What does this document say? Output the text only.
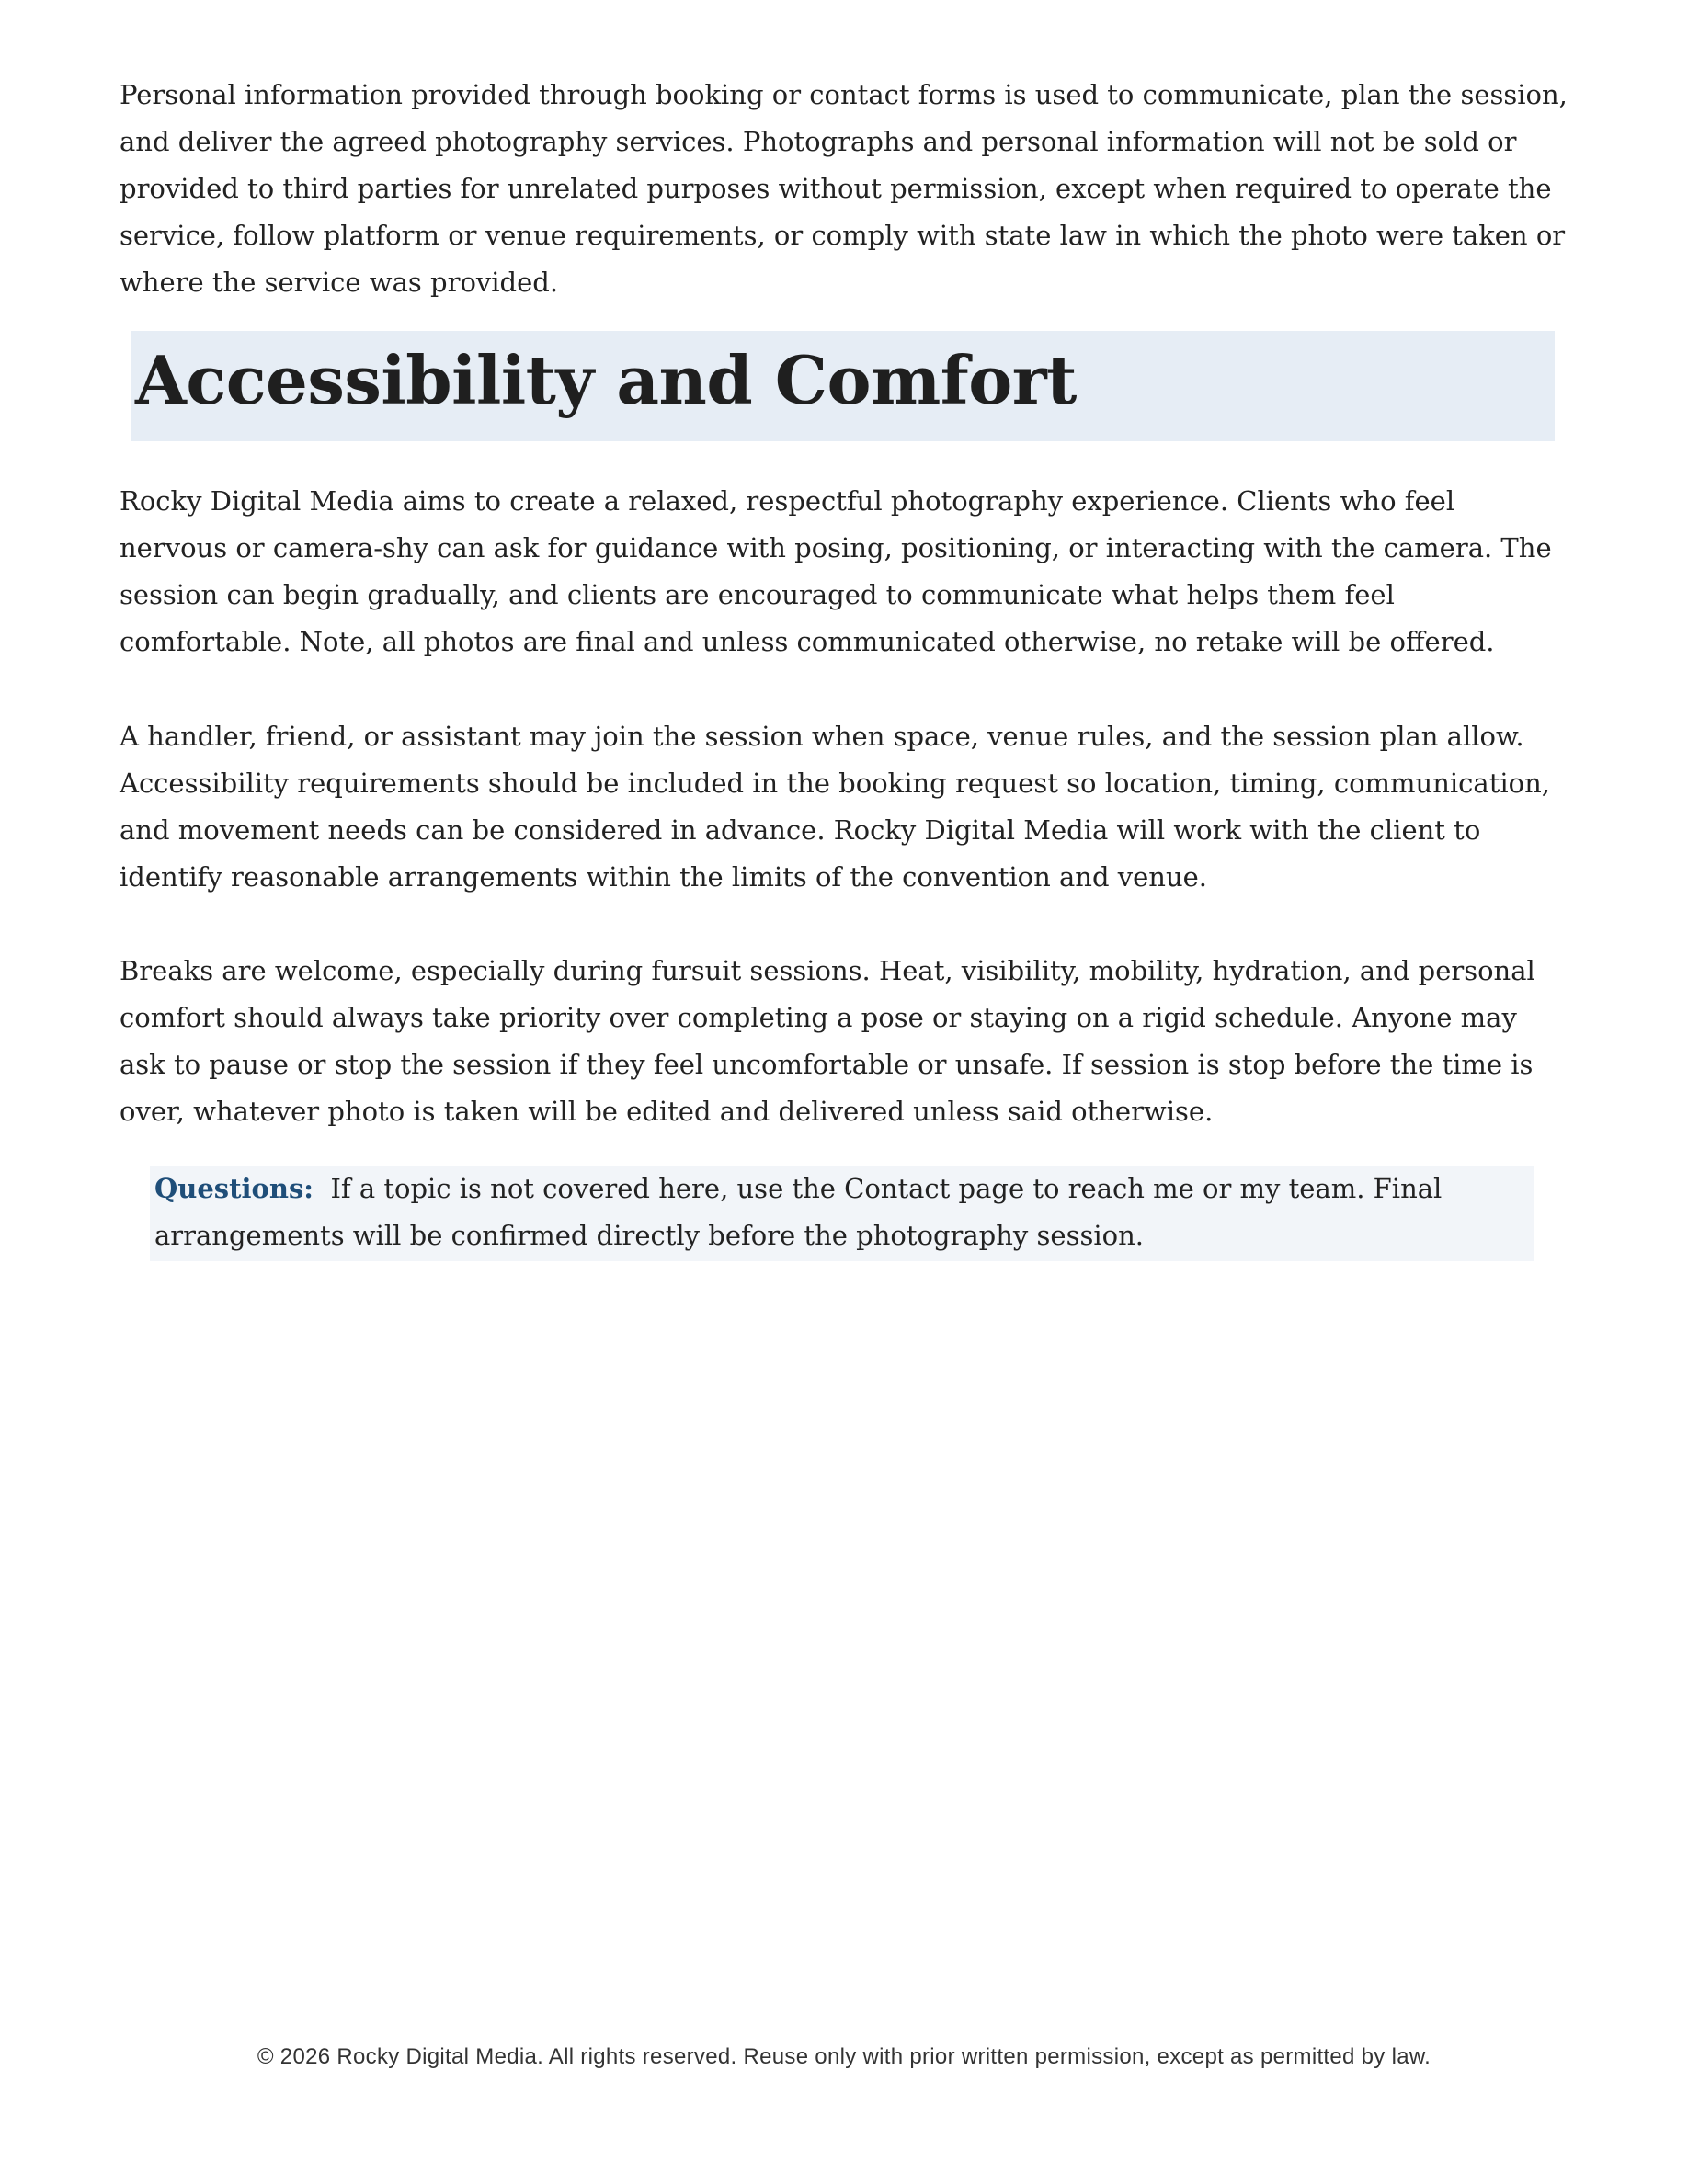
Personal information provided through booking or contact forms is used to communicate, plan the session, and deliver the agreed photography services. Photographs and personal information will not be sold or provided to third parties for unrelated purposes without permission, except when required to operate the service, follow platform or venue requirements, or comply with state law in which the photo were taken or where the service was provided.

Accessibility and Comfort

Rocky Digital Media aims to create a relaxed, respectful photography experience. Clients who feel nervous or camera-shy can ask for guidance with posing, positioning, or interacting with the camera. The session can begin gradually, and clients are encouraged to communicate what helps them feel comfortable. Note, all photos are final and unless communicated otherwise, no retake will be offered.

A handler, friend, or assistant may join the session when space, venue rules, and the session plan allow. Accessibility requirements should be included in the booking request so location, timing, communication, and movement needs can be considered in advance. Rocky Digital Media will work with the client to identify reasonable arrangements within the limits of the convention and venue.

Breaks are welcome, especially during fursuit sessions. Heat, visibility, mobility, hydration, and personal comfort should always take priority over completing a pose or staying on a rigid schedule. Anyone may ask to pause or stop the session if they feel uncomfortable or unsafe. If session is stop before the time is over, whatever photo is taken will be edited and delivered unless said otherwise.

Questions: If a topic is not covered here, use the Contact page to reach me or my team. Final arrangements will be confirmed directly before the photography session.

© 2026 Rocky Digital Media. All rights reserved. Reuse only with prior written permission, except as permitted by law.
